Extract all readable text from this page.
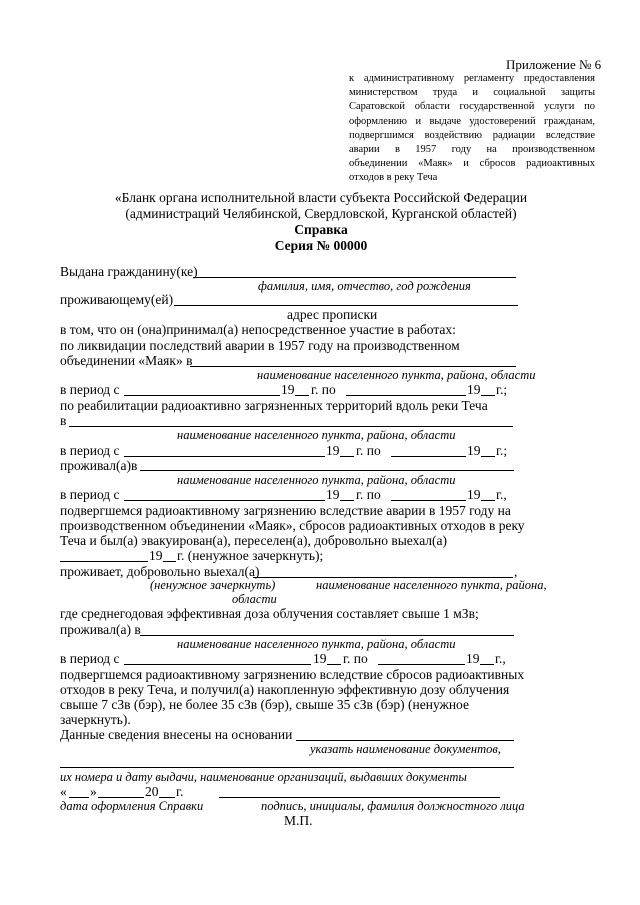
Приложение № 6
к административному регламенту предоставления
министерством труда и социальной защиты
Саратовской области государственной услуги по
оформлению и выдаче удостоверений гражданам,
подвергшимся воздействию радиации вследствие
аварии в 1957 году на производственном
объединении «Маяк» и сбросов радиоактивных
отходов в реку Теча
«Бланк органа исполнительной власти субъекта Российской Федерации
(администраций Челябинской, Свердловской, Курганской областей)
Справка
Серия № 00000
Выдана гражданину(ке)
фамилия, имя, отчество, год рождения
проживающему(ей)
адрес прописки
в том, что он (она)принимал(а) непосредственное участие в работах:
по ликвидации последствий аварии в 1957 году на производственном
объединении «Маяк» в
наименование населенного пункта, района, области
в период с	19 г. по	19 г.;
по реабилитации радиоактивно загрязненных территорий вдоль реки Теча
в
наименование населенного пункта, района, области
в период с	19 г. по	19 г.;
проживал(а)в
наименование населенного пункта, района, области
в период с	19 г. по	19 г.,
подвергшемся радиоактивному загрязнению вследствие аварии в 1957 году на
производственном объединении «Маяк», сбросов радиоактивных отходов в реку
Теча и был(а) эвакуирован(а), переселен(а), добровольно выехал(а)
19 г. (ненужное зачеркнуть);
проживает, добровольно выехал(а)	,
(ненужное зачеркнуть)	наименование населенного пункта, района,
области
где среднегодовая эффективная доза облучения составляет свыше 1 мЗв;
проживал(а) в
наименование населенного пункта, района, области
в период с	19 г. по	19 г.,
подвергшемся радиоактивному загрязнению вследствие сбросов радиоактивных
отходов в реку Теча, и получил(а) накопленную эффективную дозу облучения
свыше 7 сЗв (бэр), не более 35 сЗв (бэр), свыше 35 сЗв (бэр) (ненужное
зачеркнуть).
Данные сведения внесены на основании
указать наименование документов,
их номера и дату выдачи, наименование организаций, выдавших документы
« »	20 г.
дата оформления Справки	подпись, инициалы, фамилия должностного лица
М.П.
